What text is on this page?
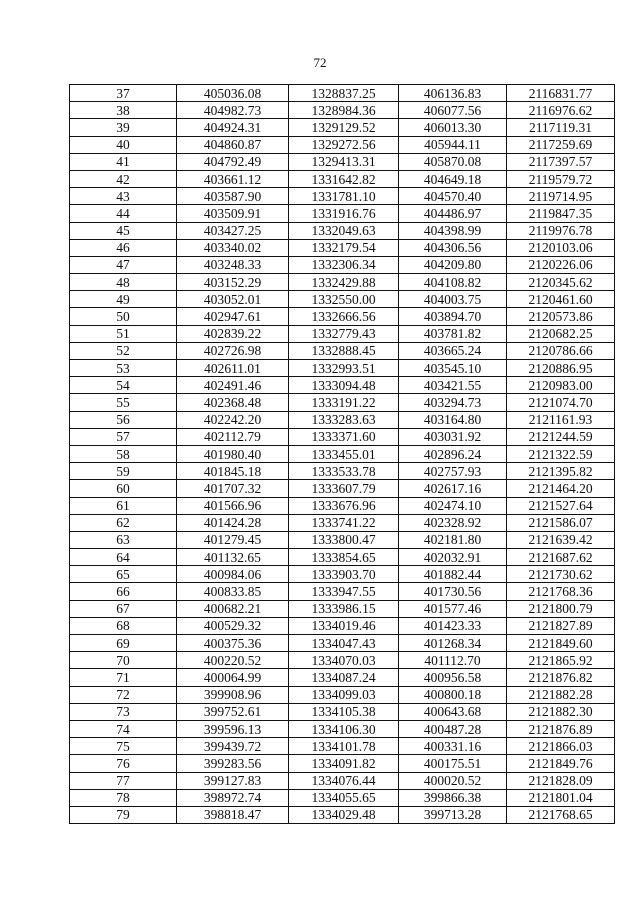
72
37	405036.08	1328837.25	406136.83	2116831.77
38	404982.73	1328984.36	406077.56	2116976.62
39	404924.31	1329129.52	406013.30	2117119.31
40	404860.87	1329272.56	405944.11	2117259.69
41	404792.49	1329413.31	405870.08	2117397.57
42	403661.12	1331642.82	404649.18	2119579.72
43	403587.90	1331781.10	404570.40	2119714.95
44	403509.91	1331916.76	404486.97	2119847.35
45	403427.25	1332049.63	404398.99	2119976.78
46	403340.02	1332179.54	404306.56	2120103.06
47	403248.33	1332306.34	404209.80	2120226.06
48	403152.29	1332429.88	404108.82	2120345.62
49	403052.01	1332550.00	404003.75	2120461.60
50	402947.61	1332666.56	403894.70	2120573.86
51	402839.22	1332779.43	403781.82	2120682.25
52	402726.98	1332888.45	403665.24	2120786.66
53	402611.01	1332993.51	403545.10	2120886.95
54	402491.46	1333094.48	403421.55	2120983.00
55	402368.48	1333191.22	403294.73	2121074.70
56	402242.20	1333283.63	403164.80	2121161.93
57	402112.79	1333371.60	403031.92	2121244.59
58	401980.40	1333455.01	402896.24	2121322.59
59	401845.18	1333533.78	402757.93	2121395.82
60	401707.32	1333607.79	402617.16	2121464.20
61	401566.96	1333676.96	402474.10	2121527.64
62	401424.28	1333741.22	402328.92	2121586.07
63	401279.45	1333800.47	402181.80	2121639.42
64	401132.65	1333854.65	402032.91	2121687.62
65	400984.06	1333903.70	401882.44	2121730.62
66	400833.85	1333947.55	401730.56	2121768.36
67	400682.21	1333986.15	401577.46	2121800.79
68	400529.32	1334019.46	401423.33	2121827.89
69	400375.36	1334047.43	401268.34	2121849.60
70	400220.52	1334070.03	401112.70	2121865.92
71	400064.99	1334087.24	400956.58	2121876.82
72	399908.96	1334099.03	400800.18	2121882.28
73	399752.61	1334105.38	400643.68	2121882.30
74	399596.13	1334106.30	400487.28	2121876.89
75	399439.72	1334101.78	400331.16	2121866.03
76	399283.56	1334091.82	400175.51	2121849.76
77	399127.83	1334076.44	400020.52	2121828.09
78	398972.74	1334055.65	399866.38	2121801.04
79	398818.47	1334029.48	399713.28	2121768.65
